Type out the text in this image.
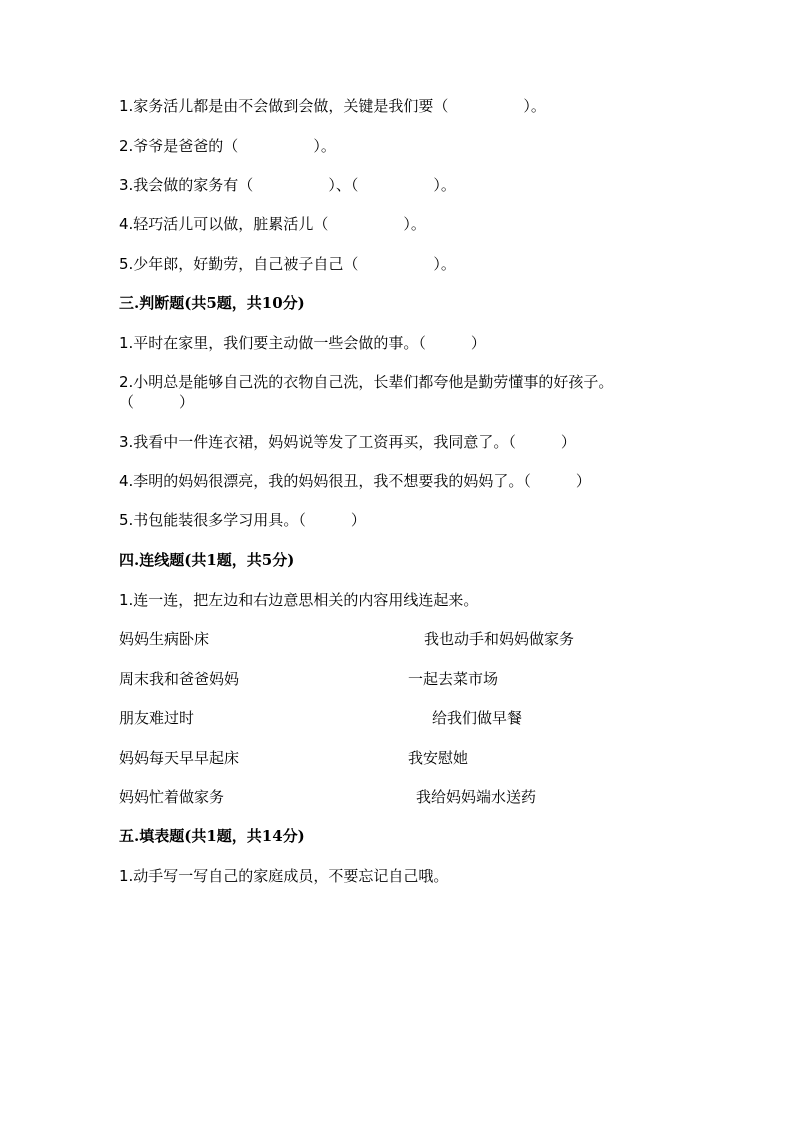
1.家务活儿都是由不会做到会做，关键是我们要（　　　　　）。
2.爷爷是爸爸的（　　　　　）。
3.我会做的家务有（　　　　　）、（　　　　　）。
4.轻巧活儿可以做，脏累活儿（　　　　　）。
5.少年郎，好勤劳，自己被子自己（　　　　　）。
三.判断题(共5题，共10分)
1.平时在家里，我们要主动做一些会做的事。（　　　）
2.小明总是能够自己洗的衣物自己洗，长辈们都夸他是勤劳懂事的好孩子。（　　　）
3.我看中一件连衣裙，妈妈说等发了工资再买，我同意了。（　　　）
4.李明的妈妈很漂亮，我的妈妈很丑，我不想要我的妈妈了。（　　　）
5.书包能装很多学习用具。（　　　）
四.连线题(共1题，共5分)
1.连一连，把左边和右边意思相关的内容用线连起来。
妈妈生病卧床	我也动手和妈妈做家务
周末我和爸爸妈妈	一起去菜市场
朋友难过时	给我们做早餐
妈妈每天早早起床	我安慰她
妈妈忙着做家务	我给妈妈端水送药
五.填表题(共1题，共14分)
1.动手写一写自己的家庭成员，不要忘记自己哦。
